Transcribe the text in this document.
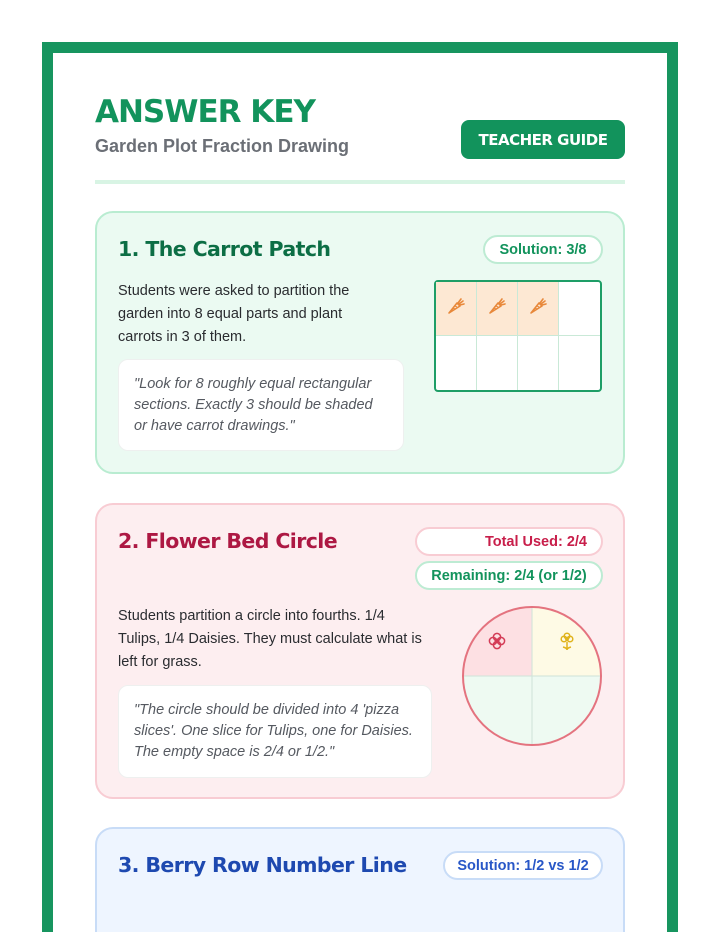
ANSWER KEY
Garden Plot Fraction Drawing	TEACHER GUIDE
1. The Carrot Patch	Solution: 3/8
Students were asked to partition the garden into 8 equal parts and plant carrots in 3 of them.
"Look for 8 roughly equal rectangular sections. Exactly 3 should be shaded or have carrot drawings."
2. Flower Bed Circle	Total Used: 2/4
Remaining: 2/4 (or 1/2)
Students partition a circle into fourths. 1/4 Tulips, 1/4 Daisies. They must calculate what is left for grass.
"The circle should be divided into 4 'pizza slices'. One slice for Tulips, one for Daisies. The empty space is 2/4 or 1/2."
3. Berry Row Number Line	Solution: 1/2 vs 1/2
